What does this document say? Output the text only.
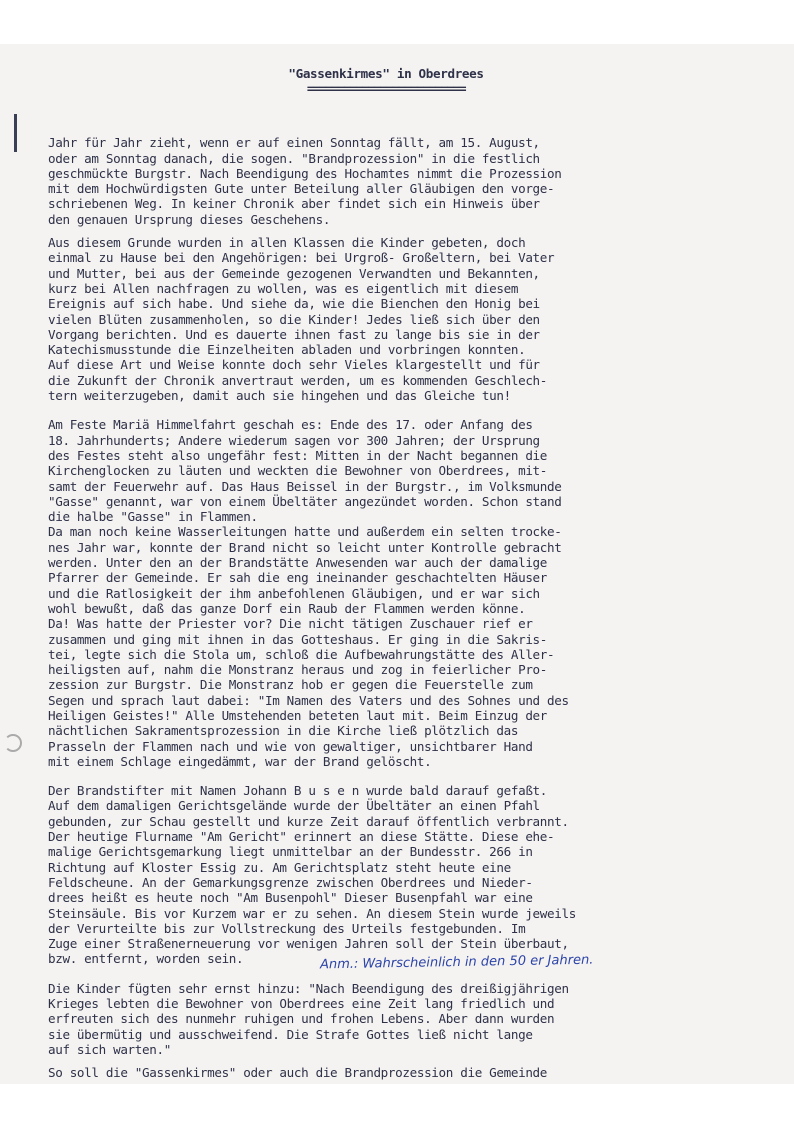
"Gassenkirmes" in Oberdrees
==========================

Jahr für Jahr zieht, wenn er auf einen Sonntag fällt, am 15. August,
oder am Sonntag danach, die sogen. "Brandprozession" in die festlich
geschmückte Burgstr. Nach Beendigung des Hochamtes nimmt die Prozession
mit dem Hochwürdigsten Gute unter Beteilung aller Gläubigen den vorge-
schriebenen Weg. In keiner Chronik aber findet sich ein Hinweis über
den genauen Ursprung dieses Geschehens.

Aus diesem Grunde wurden in allen Klassen die Kinder gebeten, doch
einmal zu Hause bei den Angehörigen: bei Urgroß- Großeltern, bei Vater
und Mutter, bei aus der Gemeinde gezogenen Verwandten und Bekannten,
kurz bei Allen nachfragen zu wollen, was es eigentlich mit diesem
Ereignis auf sich habe. Und siehe da, wie die Bienchen den Honig bei
vielen Blüten zusammenholen, so die Kinder! Jedes ließ sich über den
Vorgang berichten. Und es dauerte ihnen fast zu lange bis sie in der
Katechismusstunde die Einzelheiten abladen und vorbringen konnten.
Auf diese Art und Weise konnte doch sehr Vieles klargestellt und für
die Zukunft der Chronik anvertraut werden, um es kommenden Geschlech-
tern weiterzugeben, damit auch sie hingehen und das Gleiche tun!

Am Feste Mariä Himmelfahrt geschah es: Ende des 17. oder Anfang des
18. Jahrhunderts; Andere wiederum sagen vor 300 Jahren; der Ursprung
des Festes steht also ungefähr fest: Mitten in der Nacht begannen die
Kirchenglocken zu läuten und weckten die Bewohner von Oberdrees, mit-
samt der Feuerwehr auf. Das Haus Beissel in der Burgstr., im Volksmunde
"Gasse" genannt, war von einem Übeltäter angezündet worden. Schon stand
die halbe "Gasse" in Flammen.
Da man noch keine Wasserleitungen hatte und außerdem ein selten trocke-
nes Jahr war, konnte der Brand nicht so leicht unter Kontrolle gebracht
werden. Unter den an der Brandstätte Anwesenden war auch der damalige
Pfarrer der Gemeinde. Er sah die eng ineinander geschachtelten Häuser
und die Ratlosigkeit der ihm anbefohlenen Gläubigen, und er war sich
wohl bewußt, daß das ganze Dorf ein Raub der Flammen werden könne.
Da! Was hatte der Priester vor? Die nicht tätigen Zuschauer rief er
zusammen und ging mit ihnen in das Gotteshaus. Er ging in die Sakris-
tei, legte sich die Stola um, schloß die Aufbewahrungstätte des Aller-
heiligsten auf, nahm die Monstranz heraus und zog in feierlicher Pro-
zession zur Burgstr. Die Monstranz hob er gegen die Feuerstelle zum
Segen und sprach laut dabei: "Im Namen des Vaters und des Sohnes und des
Heiligen Geistes!" Alle Umstehenden beteten laut mit. Beim Einzug der
nächtlichen Sakramentsprozession in die Kirche ließ plötzlich das
Prasseln der Flammen nach und wie von gewaltiger, unsichtbarer Hand
mit einem Schlage eingedämmt, war der Brand gelöscht.

Der Brandstifter mit Namen Johann B u s e n wurde bald darauf gefaßt.
Auf dem damaligen Gerichtsgelände wurde der Übeltäter an einen Pfahl
gebunden, zur Schau gestellt und kurze Zeit darauf öffentlich verbrannt.
Der heutige Flurname "Am Gericht" erinnert an diese Stätte. Diese ehe-
malige Gerichtsgemarkung liegt unmittelbar an der Bundesstr. 266 in
Richtung auf Kloster Essig zu. Am Gerichtsplatz steht heute eine
Feldscheune. An der Gemarkungsgrenze zwischen Oberdrees und Nieder-
drees heißt es heute noch "Am Busenpohl" Dieser Busenpfahl war eine
Steinsäule. Bis vor Kurzem war er zu sehen. An diesem Stein wurde jeweils
der Verurteilte bis zur Vollstreckung des Urteils festgebunden. Im
Zuge einer Straßenerneuerung vor wenigen Jahren soll der Stein überbaut,
bzw. entfernt, worden sein.

Die Kinder fügten sehr ernst hinzu: "Nach Beendigung des dreißigjährigen
Krieges lebten die Bewohner von Oberdrees eine Zeit lang friedlich und
erfreuten sich des nunmehr ruhigen und frohen Lebens. Aber dann wurden
sie übermütig und ausschweifend. Die Strafe Gottes ließ nicht lange
auf sich warten."

So soll die "Gassenkirmes" oder auch die Brandprozession die Gemeinde

Anm.: Wahrscheinlich in den 50 er Jahren.
